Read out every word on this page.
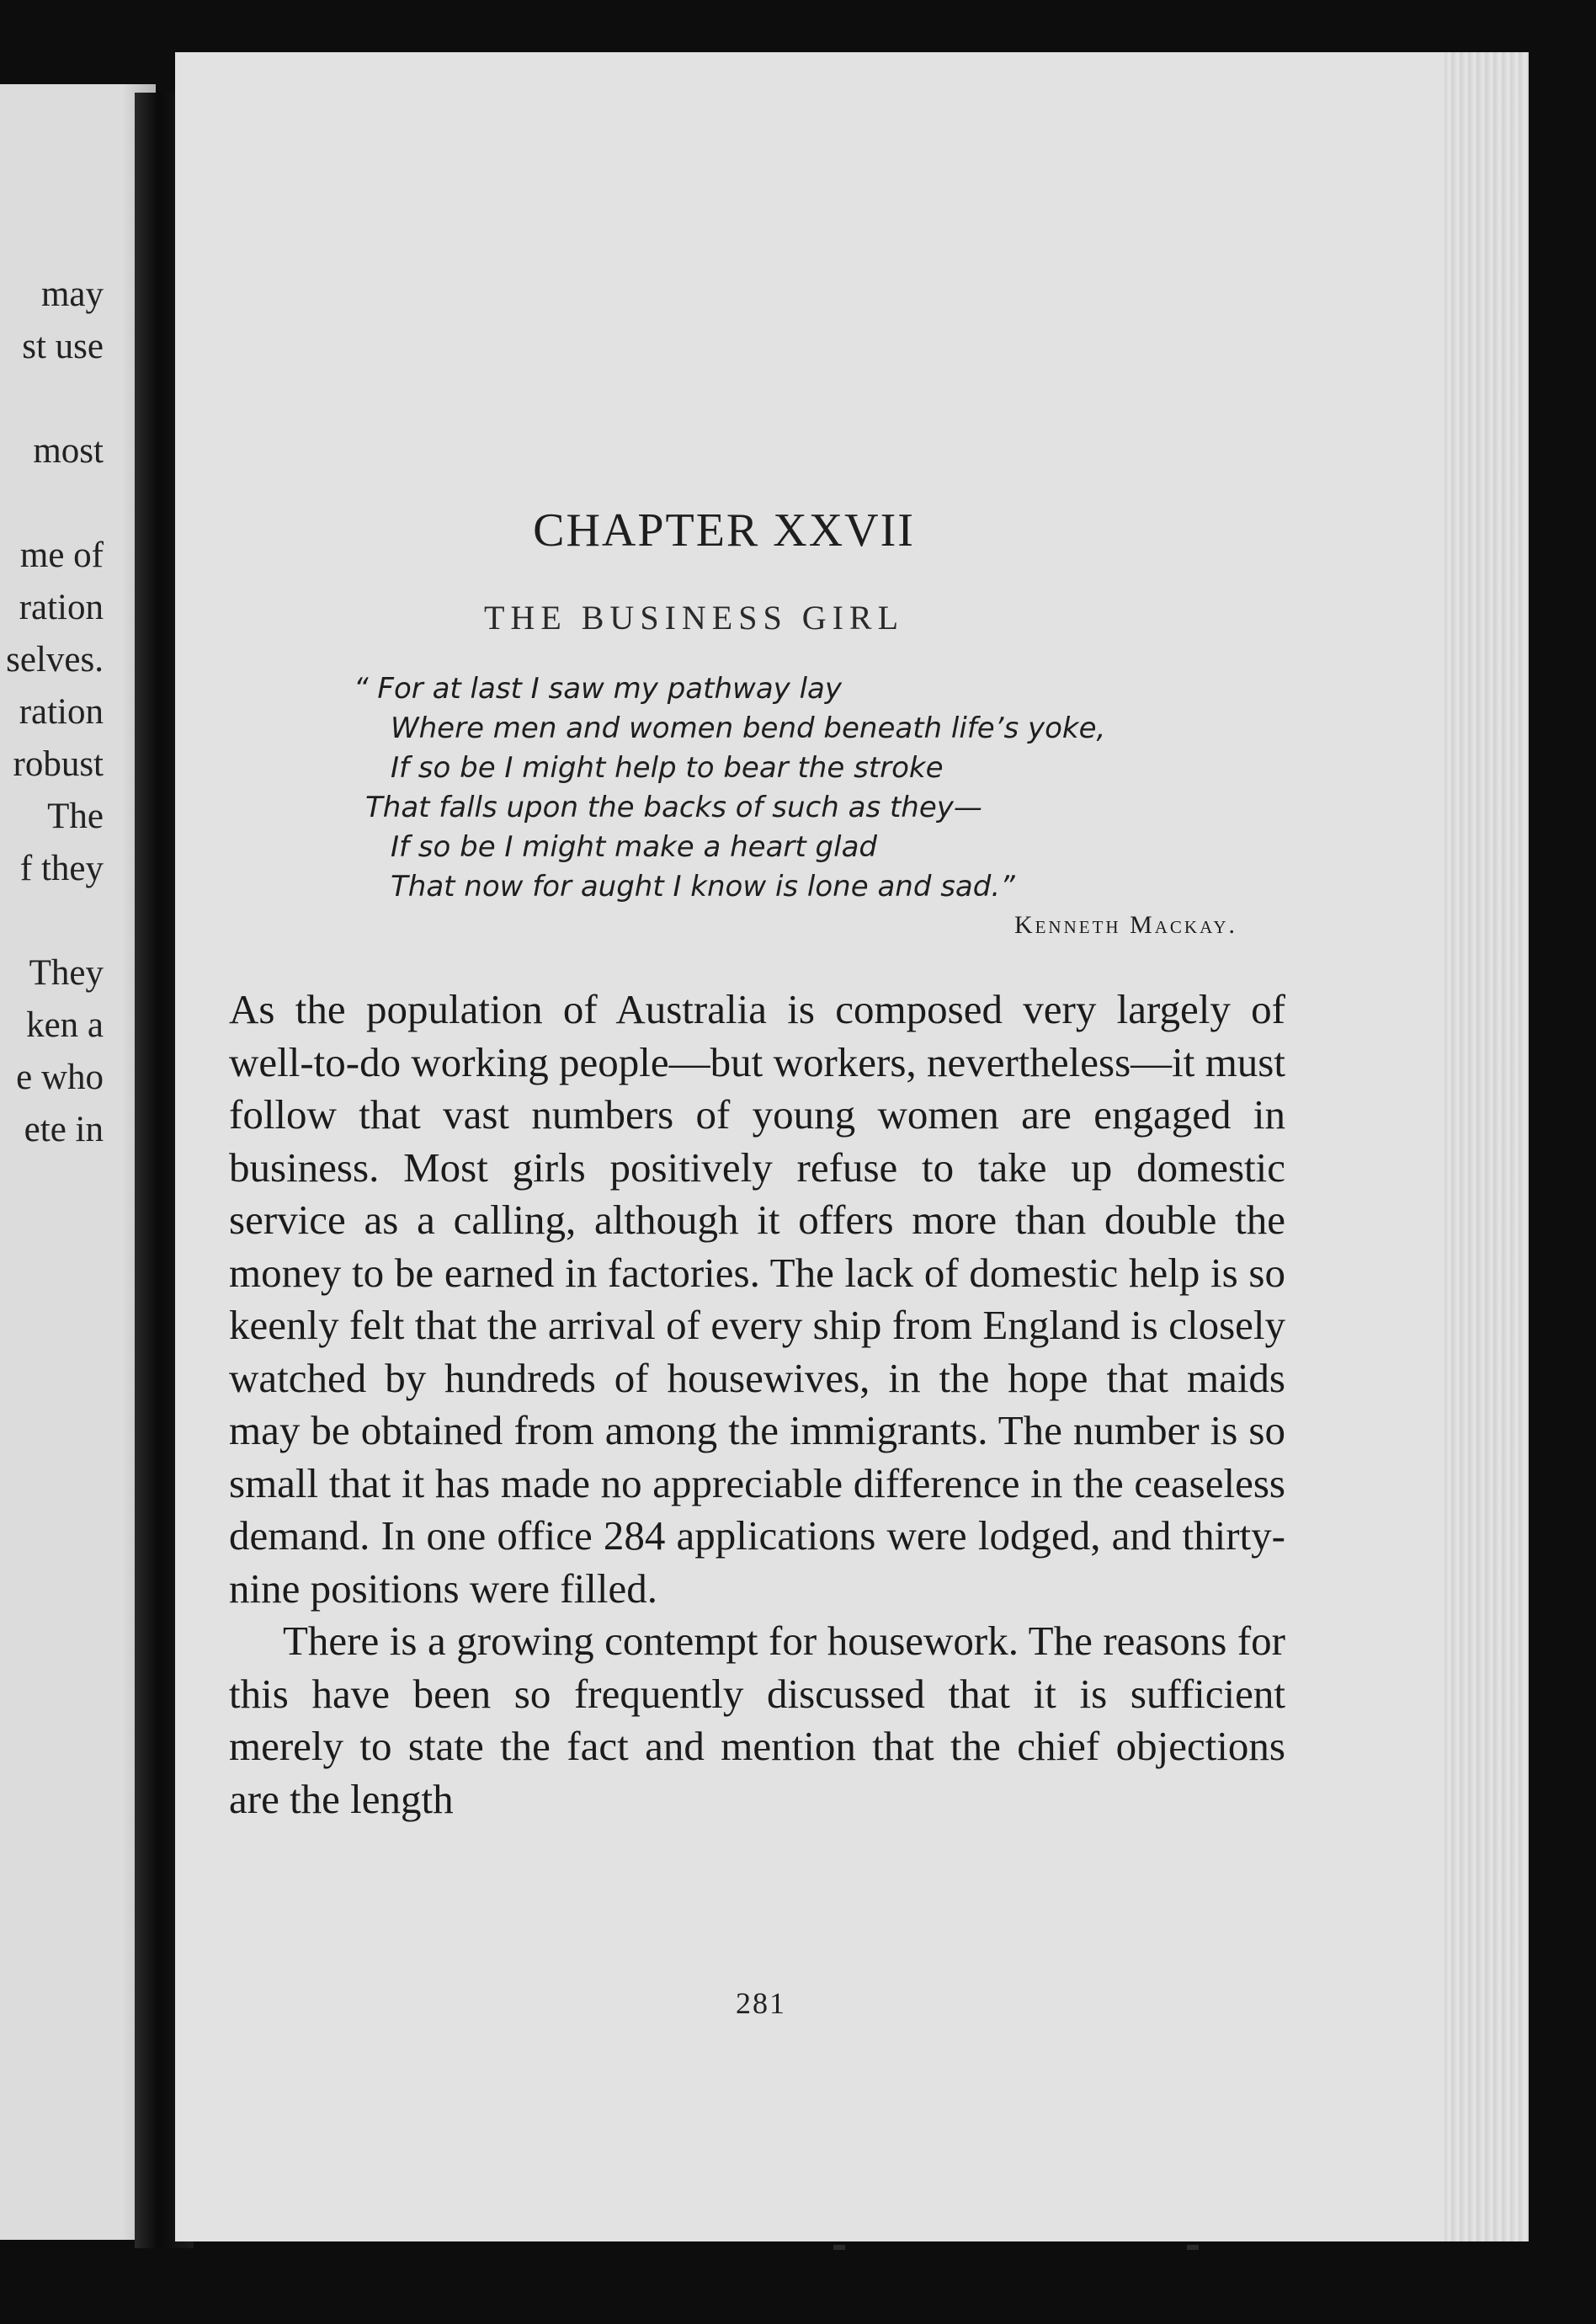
may
st use
most
me of
ration
selves.
ration
robust
The
f they
They
ken a
e who
ete in
CHAPTER XXVII
THE BUSINESS GIRL
“ For at last I saw my pathway lay
Where men and women bend beneath life’s yoke,
If so be I might help to bear the stroke
That falls upon the backs of such as they—
If so be I might make a heart glad
That now for aught I know is lone and sad.”
Kenneth Mackay.

As the population of Australia is composed very largely of well-to-do working people—but workers, nevertheless—it must follow that vast numbers of young women are engaged in business. Most girls positively refuse to take up domestic service as a calling, although it offers more than double the money to be earned in factories. The lack of domestic help is so keenly felt that the arrival of every ship from England is closely watched by hundreds of housewives, in the hope that maids may be obtained from among the immigrants. The number is so small that it has made no appreciable difference in the ceaseless demand. In one office 284 applications were lodged, and thirty-nine positions were filled.

There is a growing contempt for housework. The reasons for this have been so frequently discussed that it is sufficient merely to state the fact and mention that the chief objections are the length

281
